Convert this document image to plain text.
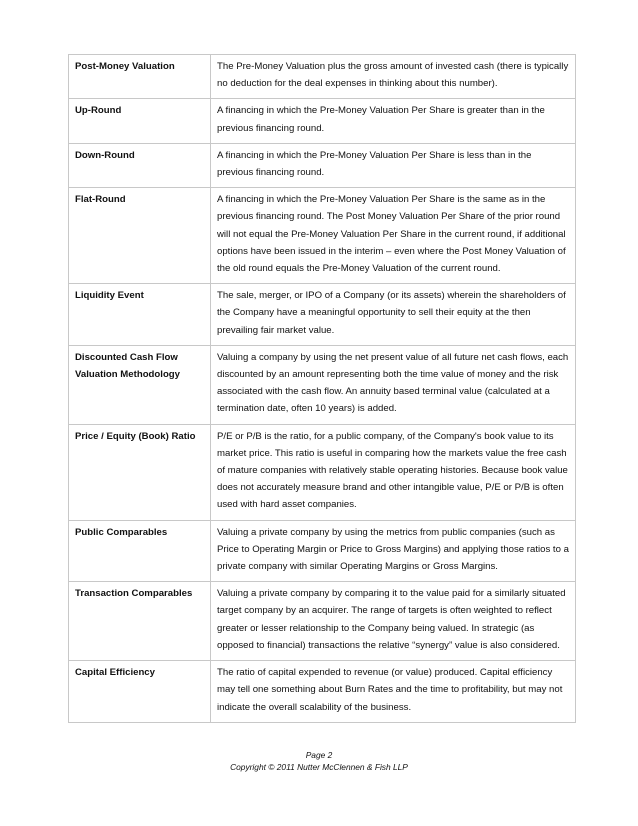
Post-Money Valuation	The Pre-Money Valuation plus the gross amount of invested cash (there is typically no deduction for the deal expenses in thinking about this number).
Up-Round	A financing in which the Pre-Money Valuation Per Share is greater than in the previous financing round.
Down-Round	A financing in which the Pre-Money Valuation Per Share is less than in the previous financing round.
Flat-Round	A financing in which the Pre-Money Valuation Per Share is the same as in the previous financing round. The Post Money Valuation Per Share of the prior round will not equal the Pre-Money Valuation Per Share in the current round, if additional options have been issued in the interim – even where the Post Money Valuation of the old round equals the Pre-Money Valuation of the current round.
Liquidity Event	The sale, merger, or IPO of a Company (or its assets) wherein the shareholders of the Company have a meaningful opportunity to sell their equity at the then prevailing fair market value.
Discounted Cash Flow Valuation Methodology	Valuing a company by using the net present value of all future net cash flows, each discounted by an amount representing both the time value of money and the risk associated with the cash flow. An annuity based terminal value (calculated at a termination date, often 10 years) is added.
Price / Equity (Book) Ratio	P/E or P/B is the ratio, for a public company, of the Company's book value to its market price. This ratio is useful in comparing how the markets value the free cash of mature companies with relatively stable operating histories. Because book value does not accurately measure brand and other intangible value, P/E or P/B is often used with hard asset companies.
Public Comparables	Valuing a private company by using the metrics from public companies (such as Price to Operating Margin or Price to Gross Margins) and applying those ratios to a private company with similar Operating Margins or Gross Margins.
Transaction Comparables	Valuing a private company by comparing it to the value paid for a similarly situated target company by an acquirer. The range of targets is often weighted to reflect greater or lesser relationship to the Company being valued. In strategic (as opposed to financial) transactions the relative “synergy” value is also considered.
Capital Efficiency	The ratio of capital expended to revenue (or value) produced. Capital efficiency may tell one something about Burn Rates and the time to profitability, but may not indicate the overall scalability of the business.
Page 2
Copyright © 2011 Nutter McClennen & Fish LLP
